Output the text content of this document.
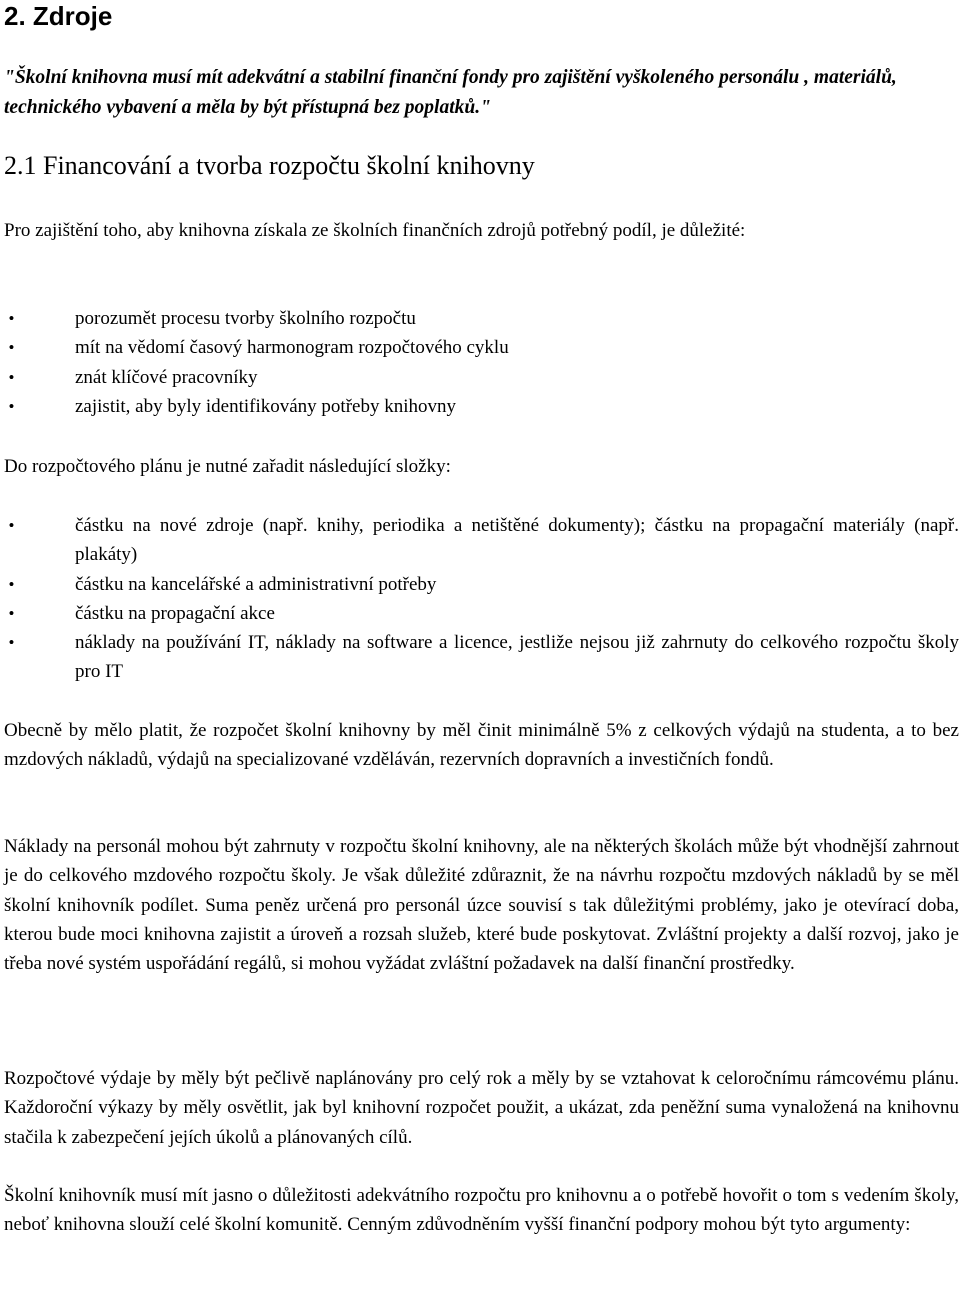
2. Zdroje

"Školní knihovna musí mít adekvátní a stabilní finanční fondy pro zajištění vyškoleného personálu , materiálů, technického vybavení a měla by být přístupná bez poplatků."

2.1 Financování a tvorba rozpočtu školní knihovny

Pro zajištění toho, aby knihovna získala ze školních finančních zdrojů potřebný podíl, je důležité:

•	porozumět procesu tvorby školního rozpočtu
•	mít na vědomí časový harmonogram rozpočtového cyklu
•	znát klíčové pracovníky
•	zajistit, aby byly identifikovány potřeby knihovny

Do rozpočtového plánu je nutné zařadit následující složky:

•	částku na nové zdroje (např. knihy, periodika a netištěné dokumenty); částku na propagační materiály (např. plakáty)
•	částku na kancelářské a administrativní potřeby
•	částku na propagační akce
•	náklady na používání IT, náklady na software a licence, jestliže nejsou již zahrnuty do celkového rozpočtu školy pro IT

Obecně by mělo platit, že rozpočet školní knihovny by měl činit minimálně 5% z celkových výdajů na studenta, a to bez mzdových nákladů, výdajů na specializované vzděláván, rezervních dopravních a investičních fondů.

Náklady na personál mohou být zahrnuty v rozpočtu školní knihovny, ale na některých školách může být vhodnější zahrnout je do celkového mzdového rozpočtu školy. Je však důležité zdůraznit, že na návrhu rozpočtu mzdových nákladů by se měl školní knihovník podílet. Suma peněz určená pro personál úzce souvisí s tak důležitými problémy, jako je otevírací doba, kterou bude moci knihovna zajistit a úroveň a rozsah služeb, které bude poskytovat. Zvláštní projekty a další rozvoj, jako je třeba nové systém uspořádání regálů, si mohou vyžádat zvláštní požadavek na další finanční prostředky.

Rozpočtové výdaje by měly být pečlivě naplánovány pro celý rok a měly by se vztahovat k celoročnímu rámcovému plánu. Každoroční výkazy by měly osvětlit, jak byl knihovní rozpočet použit, a ukázat, zda peněžní suma vynaložená na knihovnu stačila k zabezpečení jejích úkolů a plánovaných cílů.

Školní knihovník musí mít jasno o důležitosti adekvátního rozpočtu pro knihovnu a o potřebě hovořit o tom s vedením školy, neboť knihovna slouží celé školní komunitě. Cenným zdůvodněním vyšší finanční podpory mohou být tyto argumenty:
